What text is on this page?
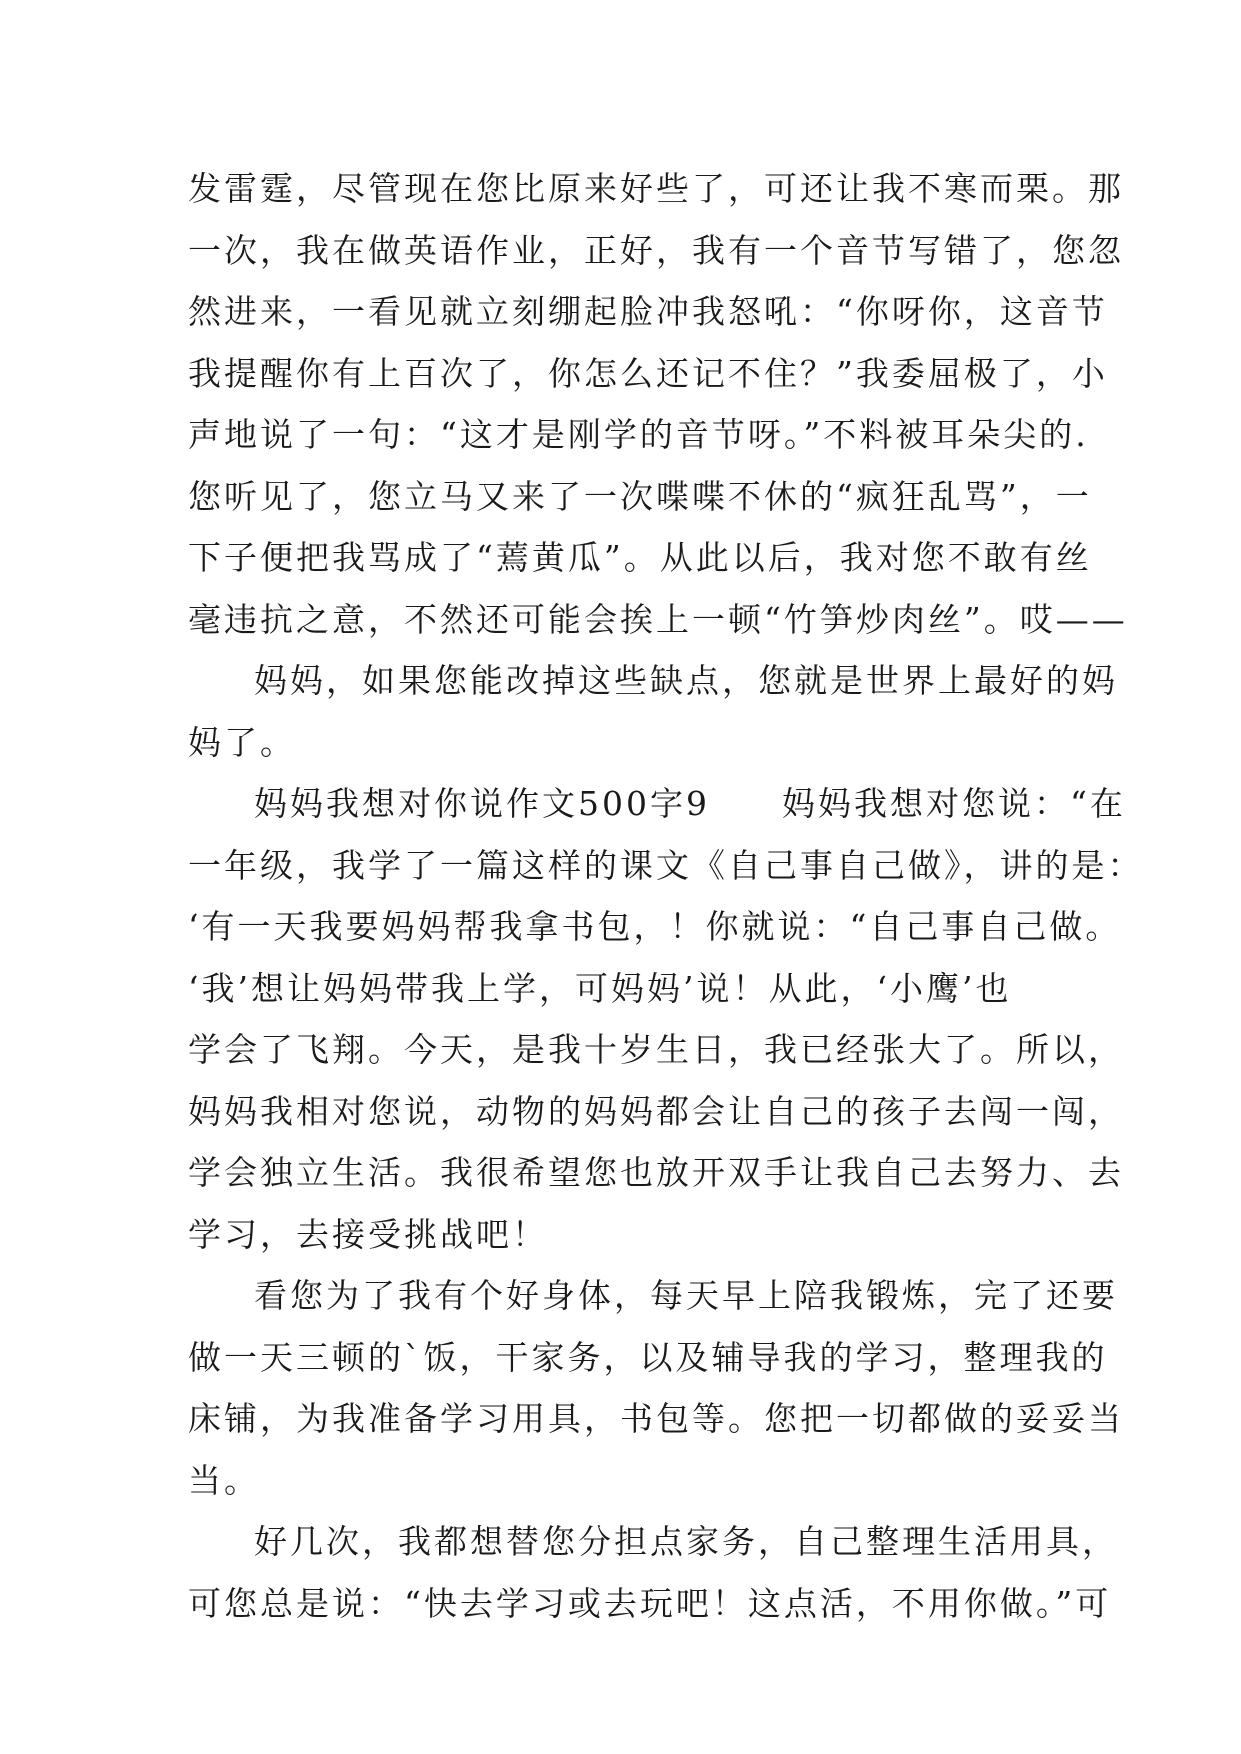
发雷霆，尽管现在您比原来好些了，可还让我不寒而栗。那
一次，我在做英语作业，正好，我有一个音节写错了，您忽
然进来，一看见就立刻绷起脸冲我怒吼：“你呀你，这音节
我提醒你有上百次了，你怎么还记不住？”我委屈极了，小
声地说了一句：“这才是刚学的音节呀。”不料被耳朵尖的.
您听见了，您立马又来了一次喋喋不休的“疯狂乱骂”，一
下子便把我骂成了“蔫黄瓜”。从此以后，我对您不敢有丝
毫违抗之意，不然还可能会挨上一顿“竹笋炒肉丝”。哎——
妈妈，如果您能改掉这些缺点，您就是世界上最好的妈
妈了。
妈妈我想对你说作文500字9　　妈妈我想对您说：“在
一年级，我学了一篇这样的课文《自己事自己做》，讲的是：
‘有一天我要妈妈帮我拿书包，！你就说：“自己事自己做。
‘我’想让妈妈带我上学，可妈妈’说！从此，‘小鹰’也
学会了飞翔。今天，是我十岁生日，我已经张大了。所以，
妈妈我相对您说，动物的妈妈都会让自己的孩子去闯一闯，
学会独立生活。我很希望您也放开双手让我自己去努力、去
学习，去接受挑战吧！
看您为了我有个好身体，每天早上陪我锻炼，完了还要
做一天三顿的`饭，干家务，以及辅导我的学习，整理我的
床铺，为我准备学习用具，书包等。您把一切都做的妥妥当
当。
好几次，我都想替您分担点家务，自己整理生活用具，
可您总是说：“快去学习或去玩吧！这点活，不用你做。”可
